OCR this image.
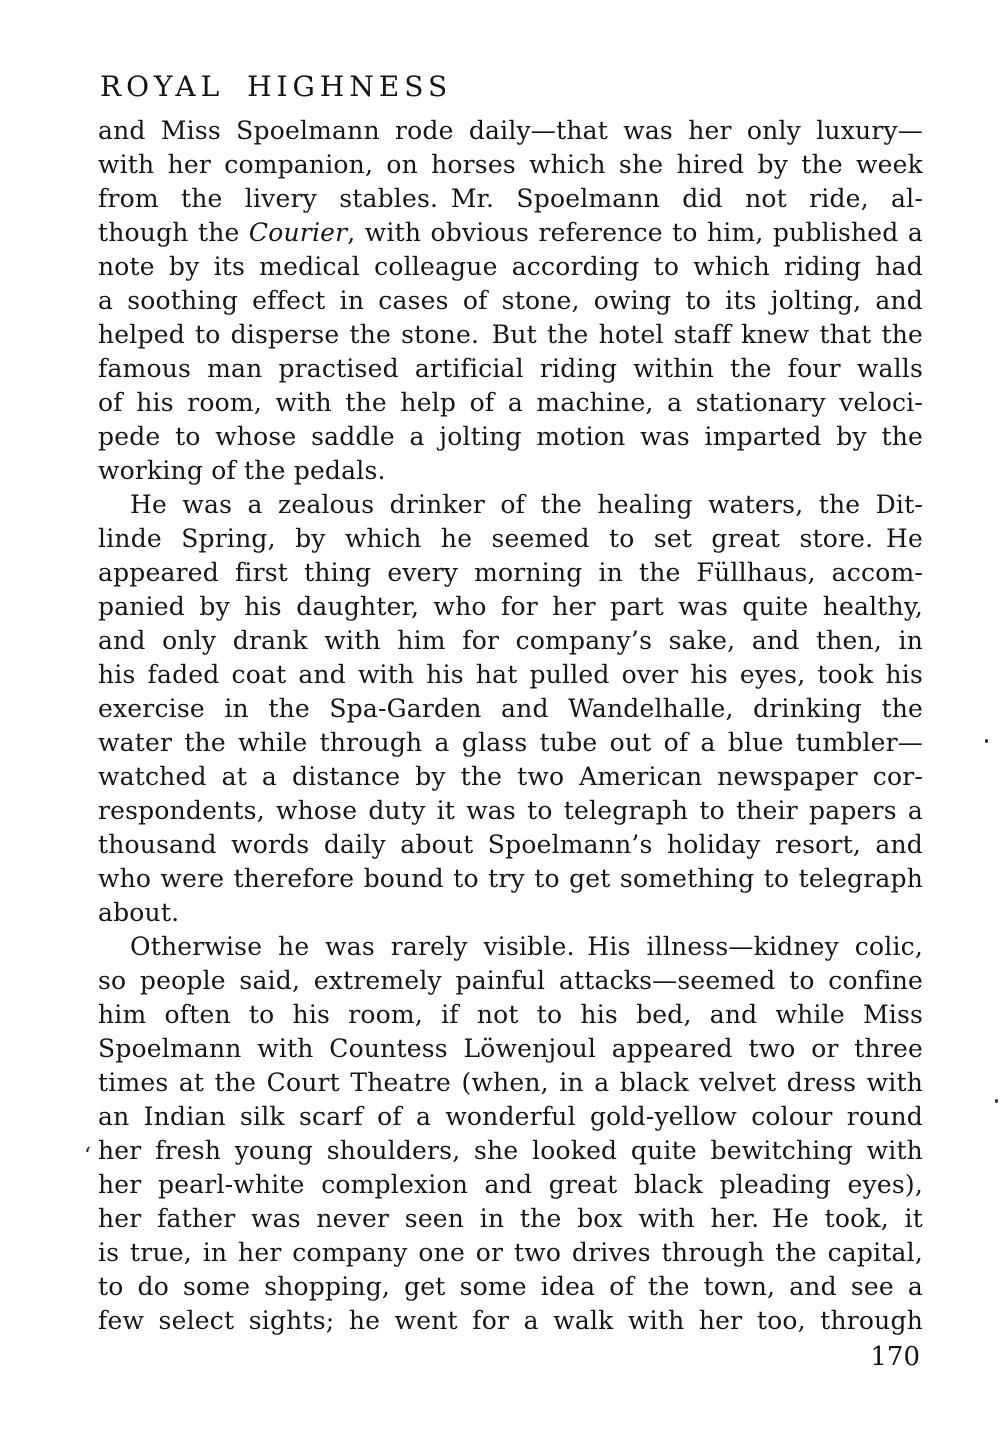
ROYAL HIGHNESS
and Miss Spoelmann rode daily—that was her only luxury—
with her companion, on horses which she hired by the week
from the livery stables. Mr. Spoelmann did not ride, al-
though the Courier, with obvious reference to him, published a
note by its medical colleague according to which riding had
a soothing effect in cases of stone, owing to its jolting, and
helped to disperse the stone. But the hotel staff knew that the
famous man practised artificial riding within the four walls
of his room, with the help of a machine, a stationary veloci-
pede to whose saddle a jolting motion was imparted by the
working of the pedals.
He was a zealous drinker of the healing waters, the Dit-
linde Spring, by which he seemed to set great store. He
appeared first thing every morning in the Füllhaus, accom-
panied by his daughter, who for her part was quite healthy,
and only drank with him for company’s sake, and then, in
his faded coat and with his hat pulled over his eyes, took his
exercise in the Spa-Garden and Wandelhalle, drinking the
water the while through a glass tube out of a blue tumbler—
watched at a distance by the two American newspaper cor-
respondents, whose duty it was to telegraph to their papers a
thousand words daily about Spoelmann’s holiday resort, and
who were therefore bound to try to get something to telegraph
about.
Otherwise he was rarely visible. His illness—kidney colic,
so people said, extremely painful attacks—seemed to confine
him often to his room, if not to his bed, and while Miss
Spoelmann with Countess Löwenjoul appeared two or three
times at the Court Theatre (when, in a black velvet dress with
an Indian silk scarf of a wonderful gold-yellow colour round
her fresh young shoulders, she looked quite bewitching with
her pearl-white complexion and great black pleading eyes),
her father was never seen in the box with her. He took, it
is true, in her company one or two drives through the capital,
to do some shopping, get some idea of the town, and see a
few select sights; he went for a walk with her too, through
‘
170
